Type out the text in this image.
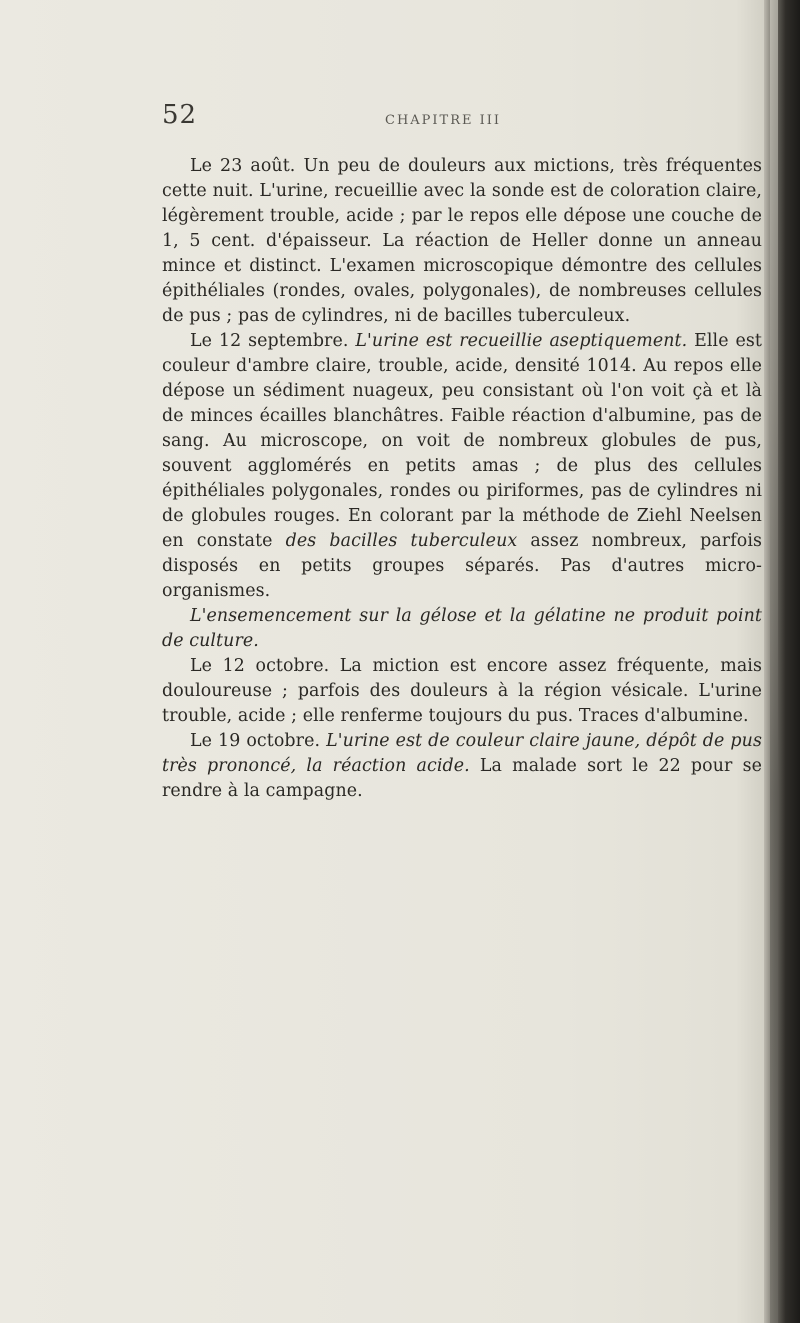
52	CHAPITRE III

Le 23 août. Un peu de douleurs aux mictions, très fréquentes cette nuit. L'urine, recueillie avec la sonde est de coloration claire, légèrement trouble, acide ; par le repos elle dépose une couche de 1, 5 cent. d'épaisseur. La réaction de Heller donne un anneau mince et distinct. L'examen microscopique démontre des cellules épithéliales (rondes, ovales, polygonales), de nombreuses cellules de pus ; pas de cylindres, ni de bacilles tuberculeux.

Le 12 septembre. L'urine est recueillie aseptiquement. Elle est couleur d'ambre claire, trouble, acide, densité 1014. Au repos elle dépose un sédiment nuageux, peu consistant où l'on voit çà et là de minces écailles blanchâtres. Faible réaction d'albumine, pas de sang. Au microscope, on voit de nombreux globules de pus, souvent agglomérés en petits amas ; de plus des cellules épithéliales polygonales, rondes ou piriformes, pas de cylindres ni de globules rouges. En colorant par la méthode de Ziehl Neelsen en constate des bacilles tuberculeux assez nombreux, parfois disposés en petits groupes séparés. Pas d'autres micro-organismes.

L'ensemencement sur la gélose et la gélatine ne produit point de culture.

Le 12 octobre. La miction est encore assez fréquente, mais douloureuse ; parfois des douleurs à la région vésicale. L'urine trouble, acide ; elle renferme toujours du pus. Traces d'albumine.

Le 19 octobre. L'urine est de couleur claire jaune, dépôt de pus très prononcé, la réaction acide. La malade sort le 22 pour se rendre à la campagne.
